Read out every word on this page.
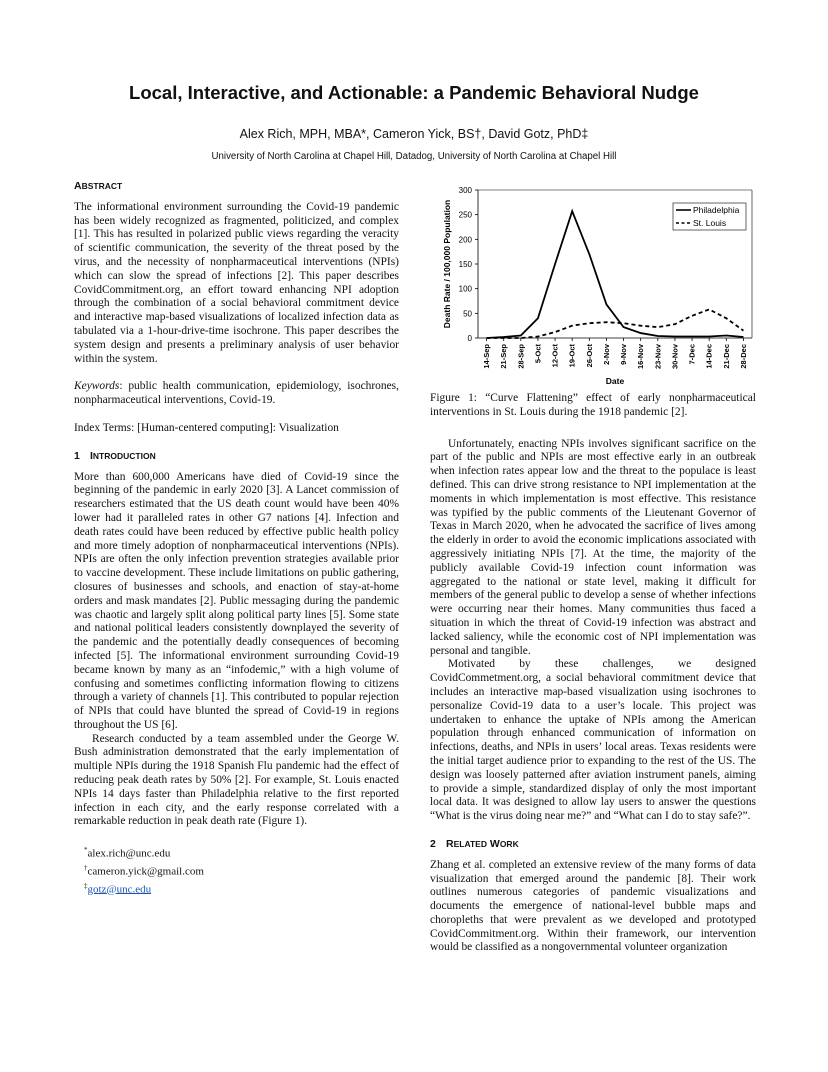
Local, Interactive, and Actionable: a Pandemic Behavioral Nudge
Alex Rich, MPH, MBA*, Cameron Yick, BS†, David Gotz, PhD‡
University of North Carolina at Chapel Hill, Datadog, University of North Carolina at Chapel Hill
ABSTRACT

The informational environment surrounding the Covid-19 pandemic has been widely recognized as fragmented, politicized, and complex [1]. This has resulted in polarized public views regarding the veracity of scientific communication, the severity of the threat posed by the virus, and the necessity of nonpharmaceutical interventions (NPIs) which can slow the spread of infections [2]. This paper describes CovidCommitment.org, an effort toward enhancing NPI adoption through the combination of a social behavioral commitment device and interactive map-based visualizations of localized infection data as tabulated via a 1-hour-drive-time isochrone. This paper describes the system design and presents a preliminary analysis of user behavior within the system.

Keywords: public health communication, epidemiology, isochrones, nonpharmaceutical interventions, Covid-19.

Index Terms: [Human-centered computing]: Visualization

1 INTRODUCTION

More than 600,000 Americans have died of Covid-19 since the beginning of the pandemic in early 2020 [3]. A Lancet commission of researchers estimated that the US death count would have been 40% lower had it paralleled rates in other G7 nations [4]. Infection and death rates could have been reduced by effective public health policy and more timely adoption of nonpharmaceutical interventions (NPIs). NPIs are often the only infection prevention strategies available prior to vaccine development. These include limitations on public gathering, closures of businesses and schools, and enaction of stay-at-home orders and mask mandates [2]. Public messaging during the pandemic was chaotic and largely split along political party lines [5]. Some state and national political leaders consistently downplayed the severity of the pandemic and the potentially deadly consequences of becoming infected [5]. The informational environment surrounding Covid-19 became known by many as an “infodemic,” with a high volume of confusing and sometimes conflicting information flowing to citizens through a variety of channels [1]. This contributed to popular rejection of NPIs that could have blunted the spread of Covid-19 in regions throughout the US [6].

Research conducted by a team assembled under the George W. Bush administration demonstrated that the early implementation of multiple NPIs during the 1918 Spanish Flu pandemic had the effect of reducing peak death rates by 50% [2]. For example, St. Louis enacted NPIs 14 days faster than Philadelphia relative to the first reported infection in each city, and the early response correlated with a remarkable reduction in peak death rate (Figure 1).

*alex.rich@unc.edu
†cameron.yick@gmail.com
‡gotz@unc.edu
0
50
100
150
200
250
300
14-Sep 21-Sep 28-Sep 5-Oct 12-Oct 19-Oct 26-Oct 2-Nov 9-Nov 16-Nov 23-Nov 30-Nov 7-Dec 14-Dec 21-Dec 28-Dec
Philadelphia
St. Louis
Death Rate / 100,000 Population
Date

Figure 1: “Curve Flattening” effect of early nonpharmaceutical interventions in St. Louis during the 1918 pandemic [2].

Unfortunately, enacting NPIs involves significant sacrifice on the part of the public and NPIs are most effective early in an outbreak when infection rates appear low and the threat to the populace is least defined. This can drive strong resistance to NPI implementation at the moments in which implementation is most effective. This resistance was typified by the public comments of the Lieutenant Governor of Texas in March 2020, when he advocated the sacrifice of lives among the elderly in order to avoid the economic implications associated with aggressively initiating NPIs [7]. At the time, the majority of the publicly available Covid-19 infection count information was aggregated to the national or state level, making it difficult for members of the general public to develop a sense of whether infections were occurring near their homes. Many communities thus faced a situation in which the threat of Covid-19 infection was abstract and lacked saliency, while the economic cost of NPI implementation was personal and tangible.

Motivated by these challenges, we designed CovidCommetment.org, a social behavioral commitment device that includes an interactive map-based visualization using isochrones to personalize Covid-19 data to a user’s locale. This project was undertaken to enhance the uptake of NPIs among the American population through enhanced communication of information on infections, deaths, and NPIs in users’ local areas. Texas residents were the initial target audience prior to expanding to the rest of the US. The design was loosely patterned after aviation instrument panels, aiming to provide a simple, standardized display of only the most important local data. It was designed to allow lay users to answer the questions “What is the virus doing near me?” and “What can I do to stay safe?”.

2 RELATED WORK

Zhang et al. completed an extensive review of the many forms of data visualization that emerged around the pandemic [8]. Their work outlines numerous categories of pandemic visualizations and documents the emergence of national-level bubble maps and choropleths that were prevalent as we developed and prototyped CovidCommitment.org. Within their framework, our intervention would be classified as a nongovernmental volunteer organization
